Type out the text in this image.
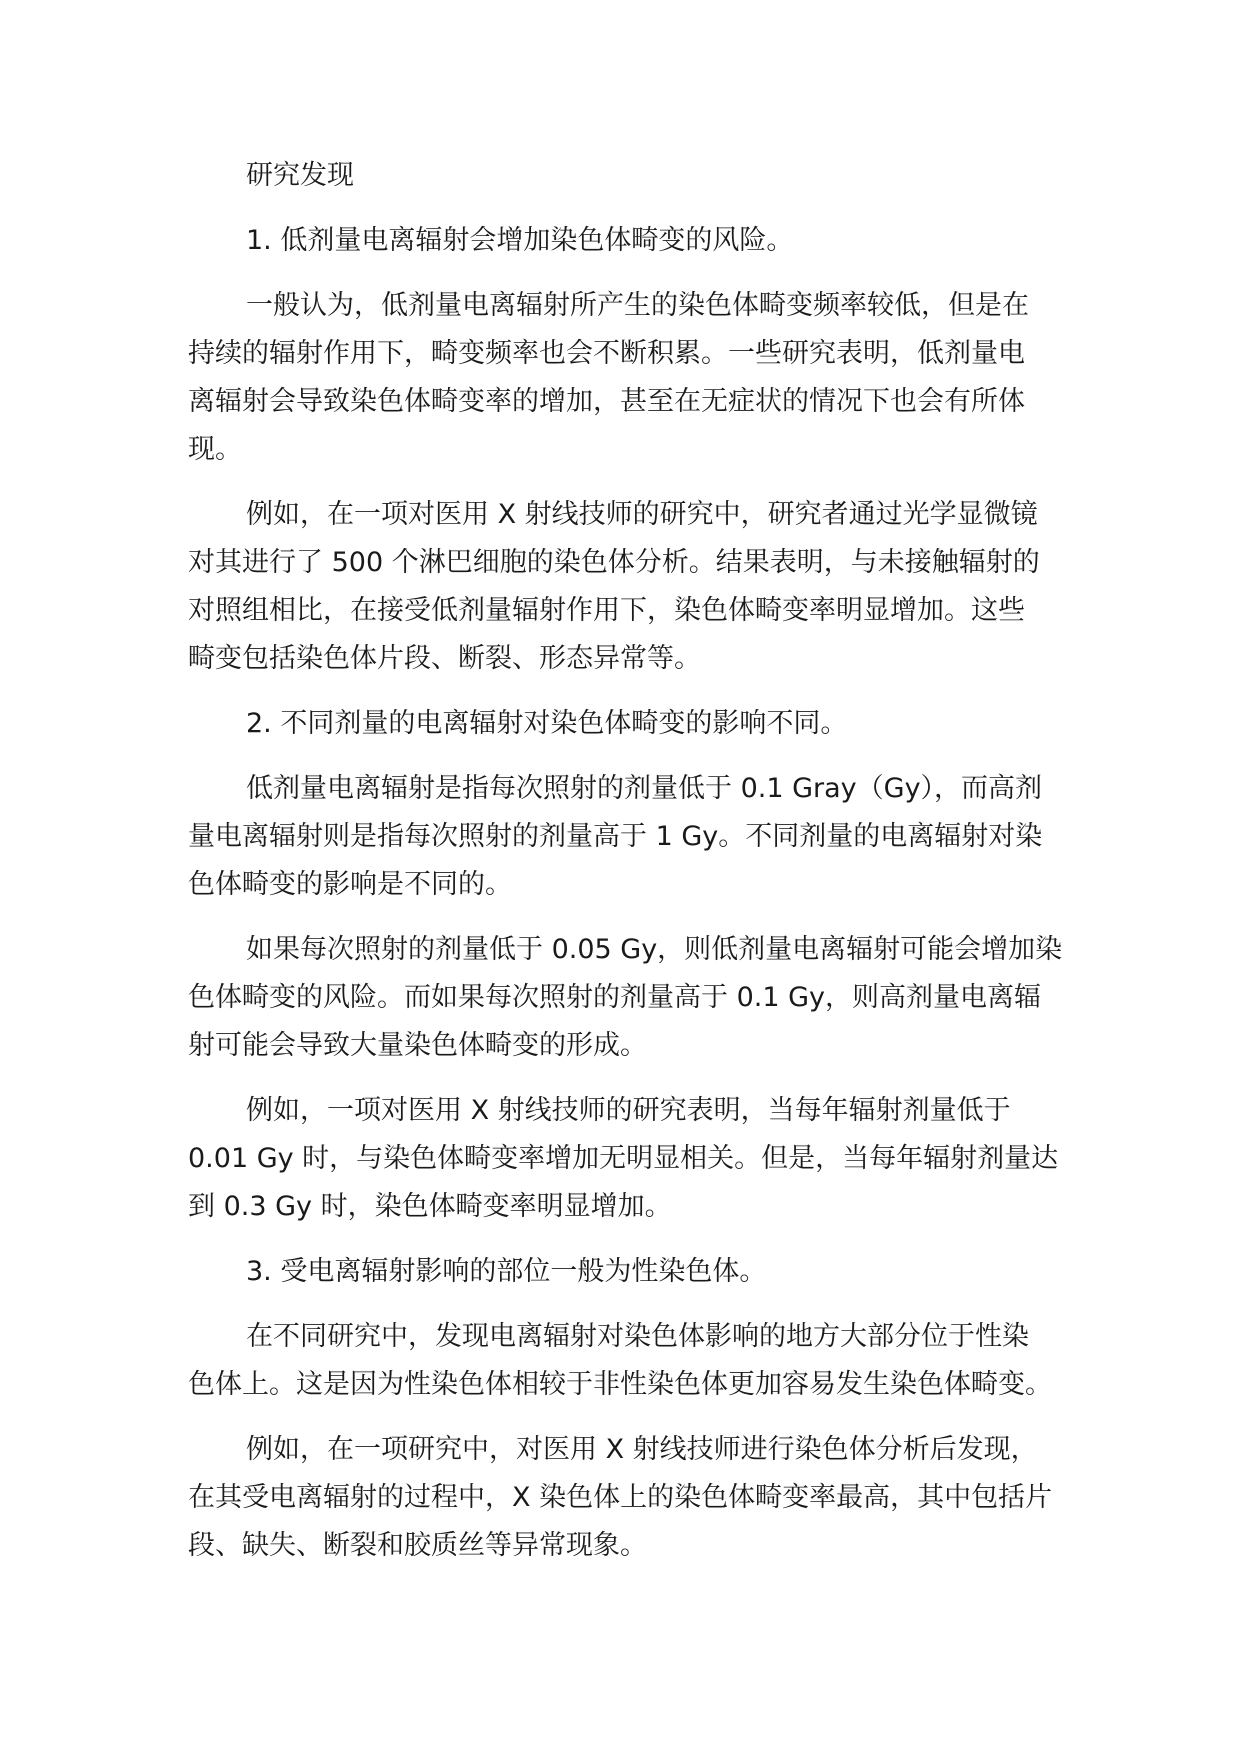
研究发现
1. 低剂量电离辐射会增加染色体畸变的风险。
一般认为，低剂量电离辐射所产生的染色体畸变频率较低，但是在
持续的辐射作用下，畸变频率也会不断积累。一些研究表明，低剂量电
离辐射会导致染色体畸变率的增加，甚至在无症状的情况下也会有所体
现。
例如，在一项对医用 X 射线技师的研究中，研究者通过光学显微镜
对其进行了 500 个淋巴细胞的染色体分析。结果表明，与未接触辐射的
对照组相比，在接受低剂量辐射作用下，染色体畸变率明显增加。这些
畸变包括染色体片段、断裂、形态异常等。
2. 不同剂量的电离辐射对染色体畸变的影响不同。
低剂量电离辐射是指每次照射的剂量低于 0.1 Gray（Gy），而高剂
量电离辐射则是指每次照射的剂量高于 1 Gy。不同剂量的电离辐射对染
色体畸变的影响是不同的。
如果每次照射的剂量低于 0.05 Gy，则低剂量电离辐射可能会增加染
色体畸变的风险。而如果每次照射的剂量高于 0.1 Gy，则高剂量电离辐
射可能会导致大量染色体畸变的形成。
例如，一项对医用 X 射线技师的研究表明，当每年辐射剂量低于
0.01 Gy 时，与染色体畸变率增加无明显相关。但是，当每年辐射剂量达
到 0.3 Gy 时，染色体畸变率明显增加。
3. 受电离辐射影响的部位一般为性染色体。
在不同研究中，发现电离辐射对染色体影响的地方大部分位于性染
色体上。这是因为性染色体相较于非性染色体更加容易发生染色体畸变。
例如，在一项研究中，对医用 X 射线技师进行染色体分析后发现，
在其受电离辐射的过程中，X 染色体上的染色体畸变率最高，其中包括片
段、缺失、断裂和胶质丝等异常现象。
